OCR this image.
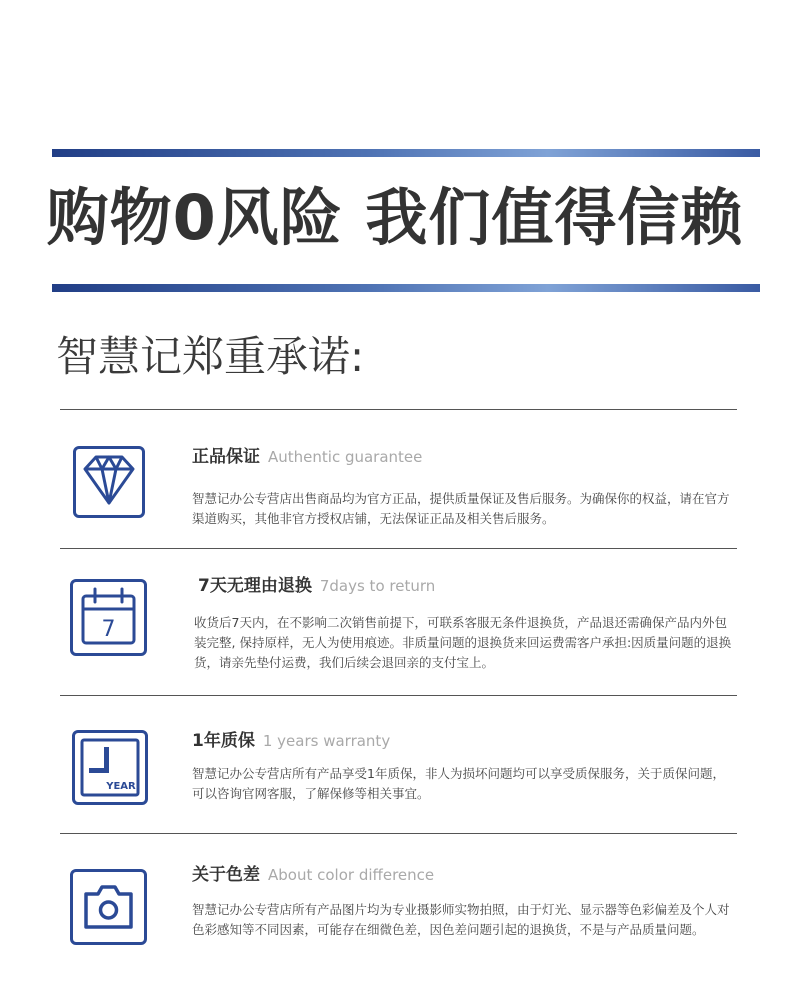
购物0风险 我们值得信赖
智慧记郑重承诺:
正品保证 Authentic guarantee
智慧记办公专营店出售商品均为官方正品，提供质量保证及售后服务。为确保你的权益，请在官方渠道购买，其他非官方授权店铺，无法保证正品及相关售后服务。
7
7天无理由退换 7days to return
收货后7天内，在不影响二次销售前提下，可联系客服无条件退换货，产品退还需确保产品内外包装完整, 保持原样，无人为使用痕迹。非质量问题的退换货来回运费需客户承担:因质量问题的退换货，请亲先垫付运费，我们后续会退回亲的支付宝上。
YEAR
1年质保 1 years warranty
智慧记办公专营店所有产品享受1年质保，非人为损坏问题均可以享受质保服务，关于质保问题，可以咨询官网客服，了解保修等相关事宜。
关于色差 About color difference
智慧记办公专营店所有产品图片均为专业摄影师实物拍照，由于灯光、显示器等色彩偏差及个人对色彩感知等不同因素，可能存在细微色差，因色差问题引起的退换货，不是与产品质量问题。
